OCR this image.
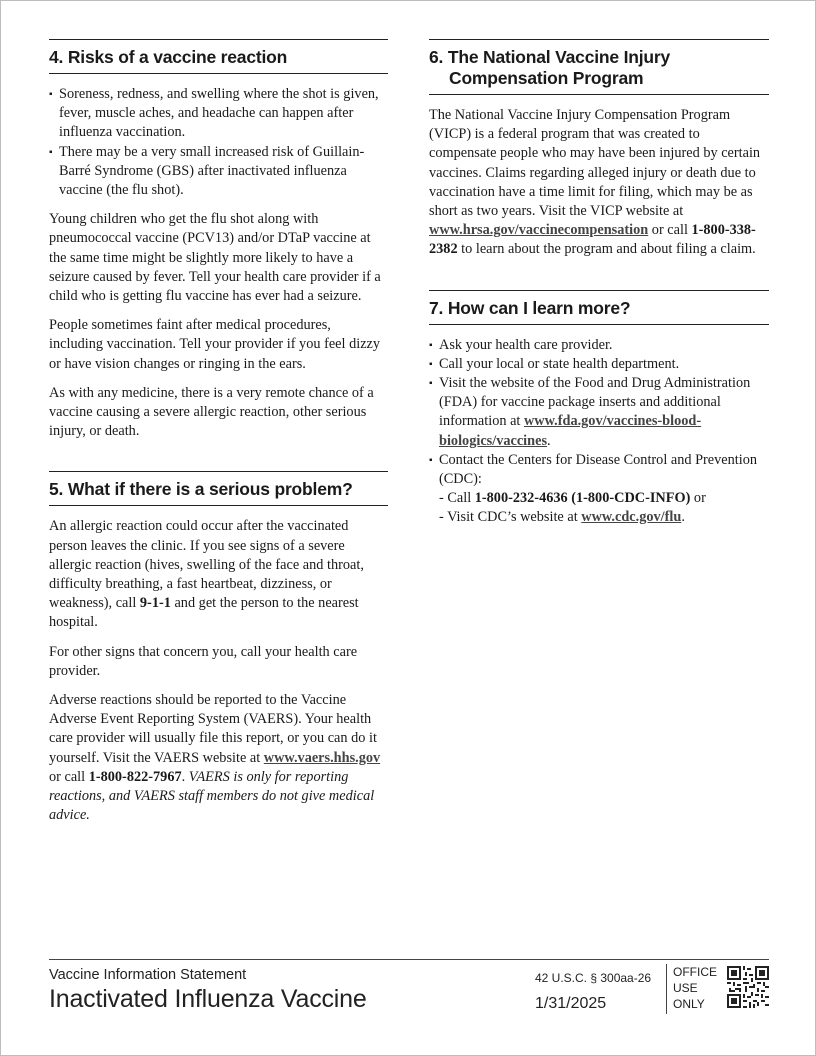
4. Risks of a vaccine reaction
▪ Soreness, redness, and swelling where the shot is given, fever, muscle aches, and headache can happen after influenza vaccination.
▪ There may be a very small increased risk of Guillain-Barré Syndrome (GBS) after inactivated influenza vaccine (the flu shot).

Young children who get the flu shot along with pneumococcal vaccine (PCV13) and/or DTaP vaccine at the same time might be slightly more likely to have a seizure caused by fever. Tell your health care provider if a child who is getting flu vaccine has ever had a seizure.

People sometimes faint after medical procedures, including vaccination. Tell your provider if you feel dizzy or have vision changes or ringing in the ears.

As with any medicine, there is a very remote chance of a vaccine causing a severe allergic reaction, other serious injury, or death.

5. What if there is a serious problem?

An allergic reaction could occur after the vaccinated person leaves the clinic. If you see signs of a severe allergic reaction (hives, swelling of the face and throat, difficulty breathing, a fast heartbeat, dizziness, or weakness), call 9-1-1 and get the person to the nearest hospital.

For other signs that concern you, call your health care provider.

Adverse reactions should be reported to the Vaccine Adverse Event Reporting System (VAERS). Your health care provider will usually file this report, or you can do it yourself. Visit the VAERS website at www.vaers.hhs.gov or call 1-800-822-7967. VAERS is only for reporting reactions, and VAERS staff members do not give medical advice.

6. The National Vaccine Injury
Compensation Program

The National Vaccine Injury Compensation Program (VICP) is a federal program that was created to compensate people who may have been injured by certain vaccines. Claims regarding alleged injury or death due to vaccination have a time limit for filing, which may be as short as two years. Visit the VICP website at www.hrsa.gov/vaccinecompensation or call 1-800-338-2382 to learn about the program and about filing a claim.

7. How can I learn more?
▪ Ask your health care provider.
▪ Call your local or state health department.
▪ Visit the website of the Food and Drug Administration (FDA) for vaccine package inserts and additional information at www.fda.gov/vaccines-blood-biologics/vaccines.
▪ Contact the Centers for Disease Control and Prevention (CDC):
- Call 1-800-232-4636 (1-800-CDC-INFO) or
- Visit CDC’s website at www.cdc.gov/flu.
Vaccine Information Statement
Inactivated Influenza Vaccine
42 U.S.C. § 300aa-26
1/31/2025
OFFICE
USE
ONLY
